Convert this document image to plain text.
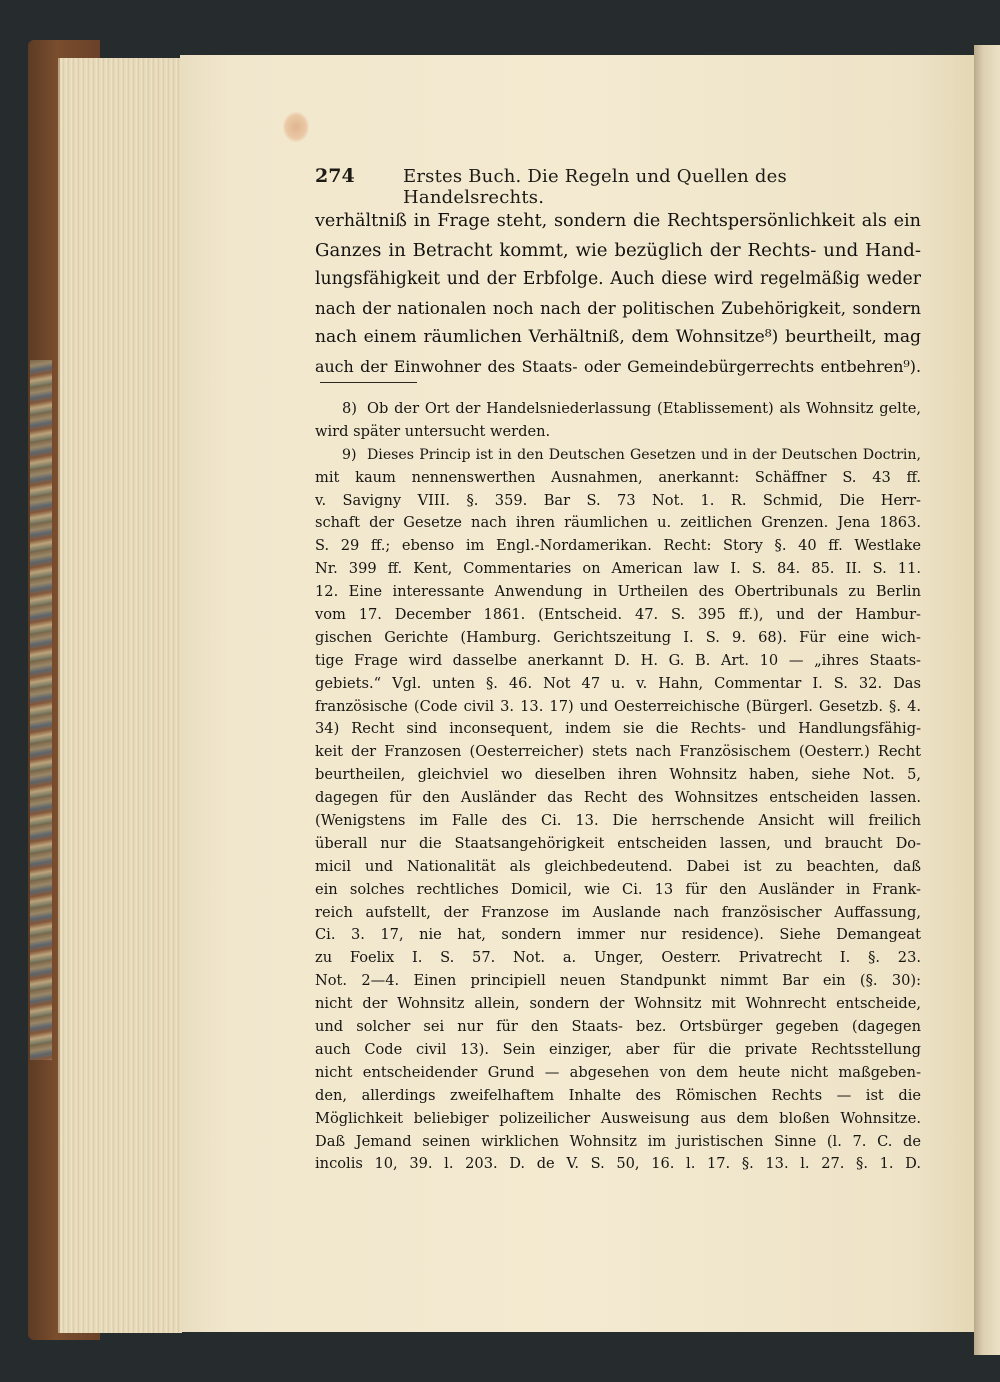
274	Erstes Buch. Die Regeln und Quellen des Handelsrechts.
verhältniß in Frage steht, sondern die Rechtspersönlichkeit als ein
Ganzes in Betracht kommt, wie bezüglich der Rechts- und Hand-
lungsfähigkeit und der Erbfolge. Auch diese wird regelmäßig weder
nach der nationalen noch nach der politischen Zubehörigkeit, sondern
nach einem räumlichen Verhältniß, dem Wohnsitze⁸) beurtheilt, mag
auch der Einwohner des Staats- oder Gemeindebürgerrechts entbehren⁹).
8) Ob der Ort der Handelsniederlassung (Etablissement) als Wohnsitz gelte,
wird später untersucht werden.
9) Dieses Princip ist in den Deutschen Gesetzen und in der Deutschen Doctrin,
mit kaum nennenswerthen Ausnahmen, anerkannt: Schäffner S. 43 ff.
v. Savigny VIII. §. 359. Bar S. 73 Not. 1. R. Schmid, Die Herr-
schaft der Gesetze nach ihren räumlichen u. zeitlichen Grenzen. Jena 1863.
S. 29 ff.; ebenso im Engl.-Nordamerikan. Recht: Story §. 40 ff. Westlake
Nr. 399 ff. Kent, Commentaries on American law I. S. 84. 85. II. S. 11.
12. Eine interessante Anwendung in Urtheilen des Obertribunals zu Berlin
vom 17. December 1861. (Entscheid. 47. S. 395 ff.), und der Hambur-
gischen Gerichte (Hamburg. Gerichtszeitung I. S. 9. 68). Für eine wich-
tige Frage wird dasselbe anerkannt D. H. G. B. Art. 10 — „ihres Staats-
gebiets.“ Vgl. unten §. 46. Not 47 u. v. Hahn, Commentar I. S. 32. Das
französische (Code civil 3. 13. 17) und Oesterreichische (Bürgerl. Gesetzb. §. 4.
34) Recht sind inconsequent, indem sie die Rechts- und Handlungsfähig-
keit der Franzosen (Oesterreicher) stets nach Französischem (Oesterr.) Recht
beurtheilen, gleichviel wo dieselben ihren Wohnsitz haben, siehe Not. 5,
dagegen für den Ausländer das Recht des Wohnsitzes entscheiden lassen.
(Wenigstens im Falle des Ci. 13. Die herrschende Ansicht will freilich
überall nur die Staatsangehörigkeit entscheiden lassen, und braucht Do-
micil und Nationalität als gleichbedeutend. Dabei ist zu beachten, daß
ein solches rechtliches Domicil, wie Ci. 13 für den Ausländer in Frank-
reich aufstellt, der Franzose im Auslande nach französischer Auffassung,
Ci. 3. 17, nie hat, sondern immer nur residence). Siehe Demangeat
zu Foelix I. S. 57. Not. a. Unger, Oesterr. Privatrecht I. §. 23.
Not. 2—4. Einen principiell neuen Standpunkt nimmt Bar ein (§. 30):
nicht der Wohnsitz allein, sondern der Wohnsitz mit Wohnrecht entscheide,
und solcher sei nur für den Staats- bez. Ortsbürger gegeben (dagegen
auch Code civil 13). Sein einziger, aber für die private Rechtsstellung
nicht entscheidender Grund — abgesehen von dem heute nicht maßgeben-
den, allerdings zweifelhaftem Inhalte des Römischen Rechts — ist die
Möglichkeit beliebiger polizeilicher Ausweisung aus dem bloßen Wohnsitze.
Daß Jemand seinen wirklichen Wohnsitz im juristischen Sinne (l. 7. C. de
incolis 10, 39. l. 203. D. de V. S. 50, 16. l. 17. §. 13. l. 27. §. 1. D.
